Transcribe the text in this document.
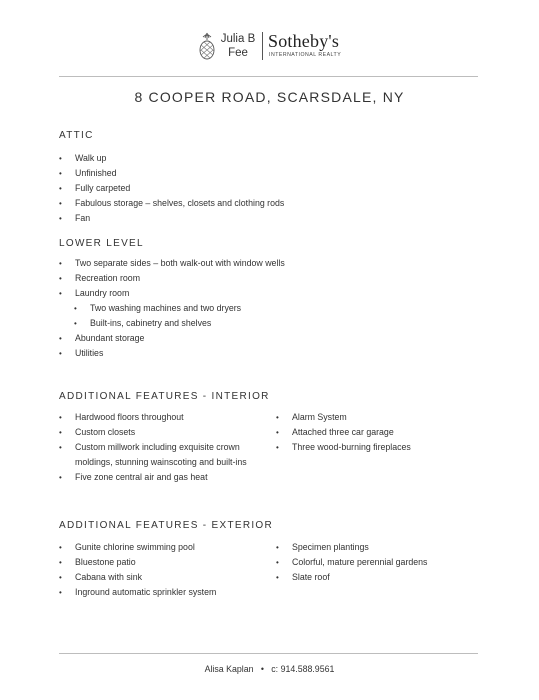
Julia B
Fee
Sotheby's
INTERNATIONAL REALTY
8 COOPER ROAD, SCARSDALE, NY
ATTIC
• Walk up
• Unfinished
• Fully carpeted
• Fabulous storage – shelves, closets and clothing rods
• Fan
LOWER LEVEL
• Two separate sides – both walk-out with window wells
• Recreation room
• Laundry room
• Two washing machines and two dryers
• Built-ins, cabinetry and shelves
• Abundant storage
• Utilities
ADDITIONAL FEATURES - INTERIOR
• Hardwood floors throughout
• Custom closets
• Custom millwork including exquisite crown moldings, stunning wainscoting and built-ins
• Five zone central air and gas heat
• Alarm System
• Attached three car garage
• Three wood-burning fireplaces
ADDITIONAL FEATURES - EXTERIOR
• Gunite chlorine swimming pool
• Bluestone patio
• Cabana with sink
• Inground automatic sprinkler system
• Specimen plantings
• Colorful, mature perennial gardens
• Slate roof
Alisa Kaplan • c: 914.588.9561
